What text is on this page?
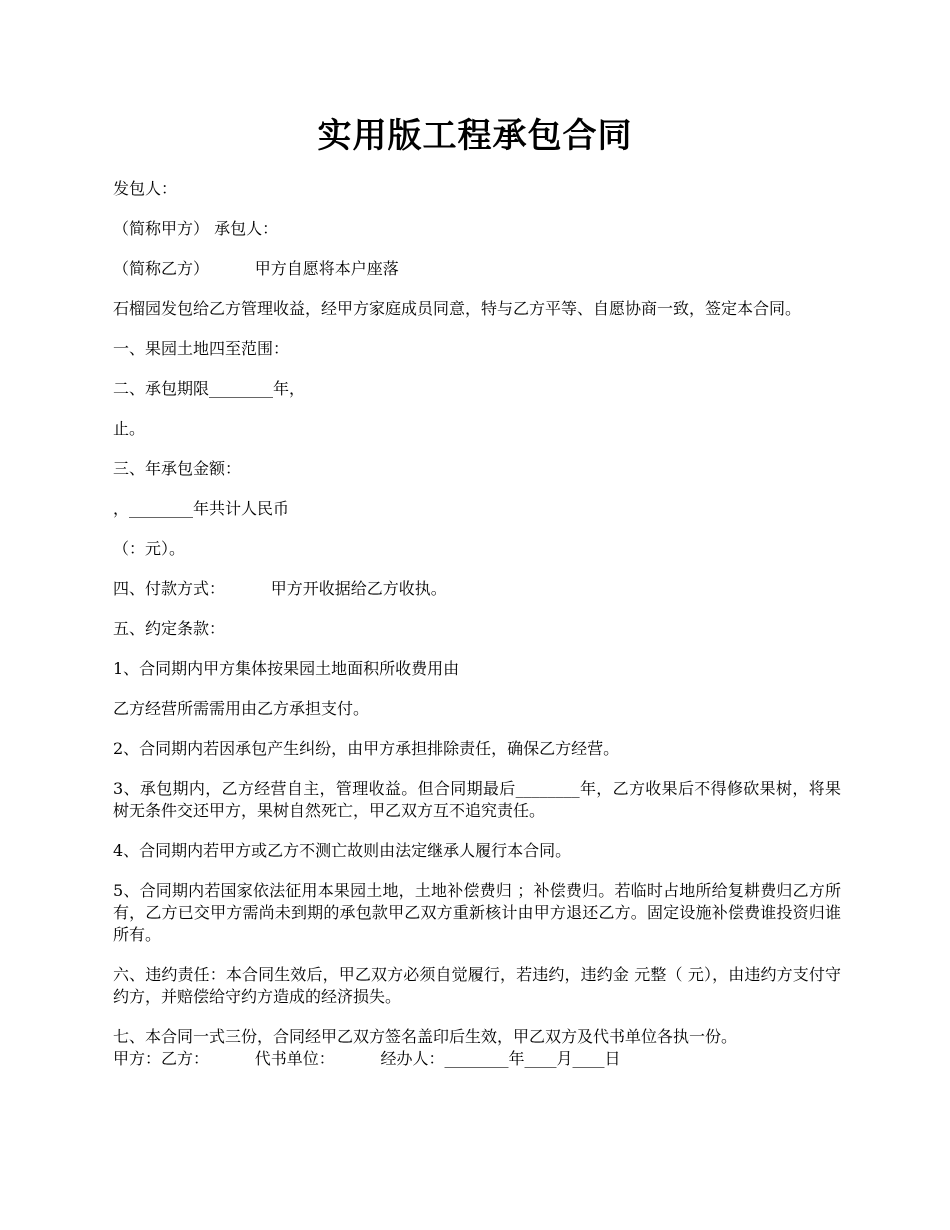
实用版工程承包合同

发包人：

（简称甲方） 承包人：

（简称乙方）         甲方自愿将本户座落

石榴园发包给乙方管理收益，经甲方家庭成员同意，特与乙方平等、自愿协商一致，签定本合同。

一、果园土地四至范围：

二、承包期限________年，

止。

三、年承包金额：

，________年共计人民币

（：元）。

四、付款方式：         甲方开收据给乙方收执。

五、约定条款：

1、合同期内甲方集体按果园土地面积所收费用由

乙方经营所需需用由乙方承担支付。

2、合同期内若因承包产生纠纷，由甲方承担排除责任，确保乙方经营。

3、承包期内，乙方经营自主，管理收益。但合同期最后________年，乙方收果后不得修砍果树，将果树无条件交还甲方，果树自然死亡，甲乙双方互不追究责任。

4、合同期内若甲方或乙方不测亡故则由法定继承人履行本合同。

5、合同期内若国家依法征用本果园土地，土地补偿费归 ；补偿费归。若临时占地所给复耕费归乙方所有，乙方已交甲方需尚未到期的承包款甲乙双方重新核计由甲方退还乙方。固定设施补偿费谁投资归谁所有。

六、违约责任：本合同生效后，甲乙双方必须自觉履行，若违约，违约金 元整（ 元），由违约方支付守约方，并赔偿给守约方造成的经济损失。

七、本合同一式三份，合同经甲乙双方签名盖印后生效，甲乙双方及代书单位各执一份。

甲方：乙方：         代书单位：         经办人：________年____月____日
